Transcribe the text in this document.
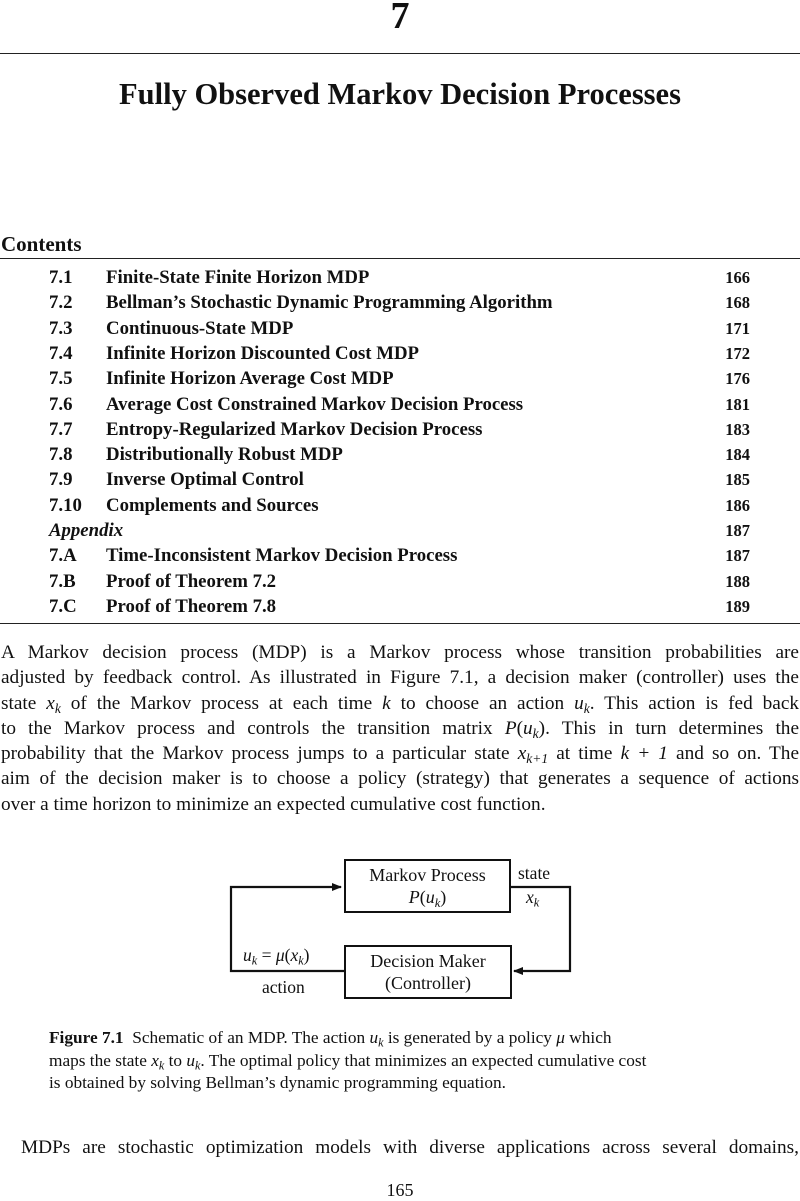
7
Fully Observed Markov Decision Processes
Contents
7.1 Finite-State Finite Horizon MDP	166
7.2 Bellman’s Stochastic Dynamic Programming Algorithm	168
7.3 Continuous-State MDP	171
7.4 Infinite Horizon Discounted Cost MDP	172
7.5 Infinite Horizon Average Cost MDP	176
7.6 Average Cost Constrained Markov Decision Process	181
7.7 Entropy-Regularized Markov Decision Process	183
7.8 Distributionally Robust MDP	184
7.9 Inverse Optimal Control	185
7.10 Complements and Sources	186
Appendix	187
7.A Time-Inconsistent Markov Decision Process	187
7.B Proof of Theorem 7.2	188
7.C Proof of Theorem 7.8	189
A Markov decision process (MDP) is a Markov process whose transition probabilities are
adjusted by feedback control. As illustrated in Figure 7.1, a decision maker (controller) uses the
state $x_k$ of the Markov process at each time k to choose an action $u_k$. This action is fed back
to the Markov process and controls the transition matrix $P(u_k)$. This in turn determines the
probability that the Markov process jumps to a particular state $x_{k+1}$ at time k + 1 and so on. The
aim of the decision maker is to choose a policy (strategy) that generates a sequence of actions
over a time horizon to minimize an expected cumulative cost function.
Markov Process
$P(u_k)$
Decision Maker
(Controller)
state
$x_k$
$u_k = \mu(x_k)$
action
Figure 7.1 Schematic of an MDP. The action $u_k$ is generated by a policy μ which
maps the state $x_k$ to $u_k$. The optimal policy that minimizes an expected cumulative cost
is obtained by solving Bellman’s dynamic programming equation.
MDPs are stochastic optimization models with diverse applications across several domains,
165
